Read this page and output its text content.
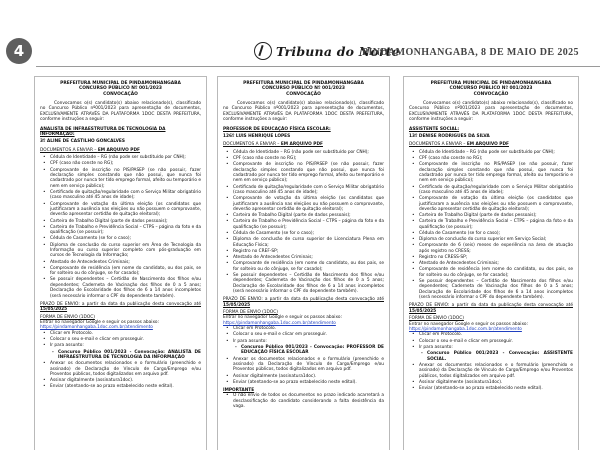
4	Tribuna do Norte
PINDAMONHANGABA, 8 DE MAIO DE 2025
PREFEITURA MUNICIPAL DE PINDAMONHANGABA
CONCURSO PÚBLICO Nº 001/2023
CONVOCAÇÃO
Convocamos o(s) candidato(s) abaixo relacionado(s), classificado no Concurso Público nº001/2023 para apresentação de documentos, EXCLUSIVAMENTE ATRAVÉS DA PLATAFORMA 1DOC DESTA PREFEITURA, conforme instruções a seguir:
ANALISTA DE INFRAESTRUTURA DE TECNOLOGIA DA INFORMAÇÃO:
3º ALINE DE CASTILHO GONCALVES
DOCUMENTOS A ENVIAR – EM ARQUIVO PDF
• Cédula de Identidade – RG (não pode ser substituído por CNH);
• CPF (caso não conste no RG);
• Comprovante de inscrição no PIS/PASEP (se não possuir, fazer declaração simples constando que não possui, que nunca foi cadastrado por nunca ter tido emprego formal, afeito ou temporário e nem em serviço público);
• Certificado de quitação/regularidade com o Serviço Militar obrigatório (caso masculino até 45 anos de idade);
• Comprovante de votação da última eleição (os candidatos que justificaram a ausência nas eleições ou não possuem o comprovante, deverão apresentar certidão de quitação eleitoral);
• Carteira de Trabalho Digital (parte de dados pessoais);
• Carteira de Trabalho e Previdência Social – CTPS – página da foto e da qualificação (se possuir);
• Cédula de Casamento (se for o caso);
• Diploma de conclusão do curso superior em Área de Tecnologia da Informação ou curso superior completo com pós-graduação em cursos de Tecnologia da Informação;
• Atestado de Antecedentes Criminais;
• Comprovante de residência (em nome do candidato, ou dos pais, se for solteiro ou do cônjuge, se for casado);
• Se possuir dependentes – Certidão de Nascimento dos filhos e/ou dependentes; Caderneta de Vacinação dos filhos de 0 a 5 anos; Declaração de Escolaridade dos filhos de 6 a 14 anos incompletos (será necessário informar o CPF do dependente também).
PRAZO DE ENVIO: a partir da data da publicação desta convocação até 15/05/2025
FORMA DE ENVIO (1DOC)
Entrar no navegador Google e seguir os passos abaixo:
https://pindamonhangaba.1doc.com.br/atendimento
• Clicar em Protocolo.
• Colocar o seu e-mail e clicar em prosseguir.
• Ir para assunto:
- Concurso Público 001/2023 - Convocação: ANALISTA DE INFRAESTRUTURA DE TECNOLOGIA DA INFORMAÇÃO
• Anexar os documentos relacionados e o formulário (preenchido e assinado) de Declaração de Vínculo de Cargo/Emprego e/ou Proventos públicos, todos digitalizados em arquivo pdf.
• Assinar digitalmente (assinatura1doc).
• Enviar (atentando-se ao prazo estabelecido neste edital).
PREFEITURA MUNICIPAL DE PINDAMONHANGABA
CONCURSO PÚBLICO Nº 001/2023
CONVOCAÇÃO
Convocamos o(s) candidato(s) abaixo relacionado(s), classificado no Concurso Público nº001/2023 para apresentação de documentos, EXCLUSIVAMENTE ATRAVÉS DA PLATAFORMA 1DOC DESTA PREFEITURA, conforme instruções a seguir:
PROFESSOR DE EDUCAÇÃO FÍSICA ESCOLAR:
126º LUIS HENRIQUE LOPES
DOCUMENTOS A ENVIAR – EM ARQUIVO PDF
• Cédula de Identidade – RG (não pode ser substituído por CNH);
• CPF (caso não conste no RG);
• Comprovante de inscrição no PIS/PASEP (se não possuir, fazer declaração simples constando que não possui, que nunca foi cadastrado por nunca ter tido emprego formal, afeito ou temporário e nem em serviço público);
• Certificado de quitação/regularidade com o Serviço Militar obrigatório (caso masculino até 45 anos de idade);
• Comprovante de votação da última eleição (os candidatos que justificaram a ausência nas eleições ou não possuem o comprovante, deverão apresentar certidão de quitação eleitoral);
• Carteira de Trabalho Digital (parte de dados pessoais);
• Carteira de Trabalho e Previdência Social – CTPS – página da foto e da qualificação (se possuir);
• Cédula de Casamento (se for o caso);
• Diploma de conclusão de curso superior de Licenciatura Plena em Educação Física;
• Registro no CREF-SP;
• Atestado de Antecedentes Criminais;
• Comprovante de residência (em nome do candidato, ou dos pais, se for solteiro ou do cônjuge, se for casado);
• Se possuir dependentes – Certidão de Nascimento dos filhos e/ou dependentes; Caderneta de Vacinação dos filhos de 0 a 5 anos; Declaração de Escolaridade dos filhos de 6 a 14 anos incompletos (será necessário informar o CPF do dependente também).
PRAZO DE ENVIO: a partir da data da publicação desta convocação até 15/05/2025
FORMA DE ENVIO (1DOC)
Entrar no navegador Google e seguir os passos abaixo:
https://pindamonhangaba.1doc.com.br/atendimento
• Clicar em Protocolo.
• Colocar o seu e-mail e clicar em prosseguir.
• Ir para assunto:
- Concurso Público 001/2023 - Convocação: PROFESSOR DE EDUCAÇÃO FÍSICA ESCOLAR
• Anexar os documentos relacionados e o formulário (preenchido e assinado) da Declaração de Vínculo de Cargo/Emprego e/ou Proventos públicos, todos digitalizados em arquivo pdf.
• Assinar digitalmente (assinatura1doc).
• Enviar (atentando-se ao prazo estabelecido neste edital).
IMPORTANTE
• O não envio de todos os documentos no prazo indicado acarretará a desclassificação do candidato considerando a falta desistência da vaga.
PREFEITURA MUNICIPAL DE PINDAMONHANGABA
CONCURSO PÚBLICO Nº 001/2023
CONVOCAÇÃO
Convocamos o(s) candidato(s) abaixo relacionado(s), classificado no Concurso Público nº001/2023 para apresentação de documentos, EXCLUSIVAMENTE ATRAVÉS DA PLATAFORMA 1DOC DESTA PREFEITURA, conforme instruções a seguir:
ASSISTENTE SOCIAL:
13º DENISE RODRIGUES DA SILVA
DOCUMENTOS A ENVIAR – EM ARQUIVO PDF
• Cédula de Identidade – RG (não pode ser substituído por CNH);
• CPF (caso não conste no RG);
• Comprovante de inscrição no PIS/PASEP (se não possuir, fazer declaração simples constando que não possui, que nunca foi cadastrado por nunca ter tido emprego formal, afeito ou temporário e nem em serviço público);
• Certificado de quitação/regularidade com o Serviço Militar obrigatório (caso masculino até 45 anos de idade);
• Comprovante de votação da última eleição (os candidatos que justificaram a ausência nas eleições ou não possuem o comprovante, deverão apresentar certidão de quitação eleitoral);
• Carteira de Trabalho Digital (parte de dados pessoais);
• Carteira de Trabalho e Previdência Social – CTPS – página da foto e da qualificação (se possuir);
• Cédula de Casamento (se for o caso);
• Diploma de conclusão do curso superior em Serviço Social;
• Comprovante de 6 (seis) meses de experiência na área de atuação após registro no CRESS;
• Registro no CRESS-SP;
• Atestado de Antecedentes Criminais;
• Comprovante de residência (em nome do candidato, ou dos pais, se for solteiro ou do cônjuge, se for casado);
• Se possuir dependentes – Certidão de Nascimento dos filhos e/ou dependentes; Caderneta de Vacinação dos filhos de 0 a 5 anos; Declaração de Escolaridade dos filhos de 6 a 14 anos incompletos (será necessário informar o CPF do dependente também).
PRAZO DE ENVIO: a partir da data da publicação desta convocação até 15/05/2025
FORMA DE ENVIO (1DOC)
Entrar no navegador Google e seguir os passos abaixo:
https://pindamonhangaba.1doc.com.br/atendimento
• Clicar em Protocolo.
• Colocar o seu e-mail e clicar em prosseguir.
• Ir para assunto:
- Concurso Público 001/2023 - Convocação: ASSISTENTE SOCIAL.
• Anexar os documentos relacionados e o formulário (preenchido e assinado) da Declaração de Vínculo de Cargo/Emprego e/ou Proventos públicos, todos digitalizados em arquivo pdf.
• Assinar digitalmente (assinatura1doc).
• Enviar (atentando-se ao prazo estabelecido neste edital).
